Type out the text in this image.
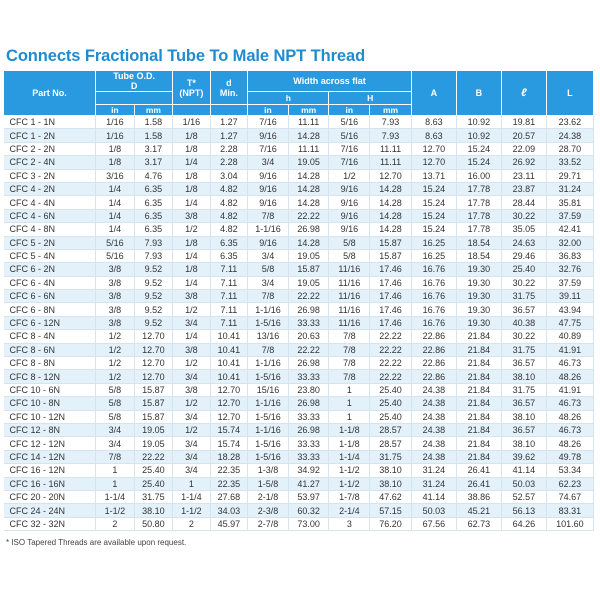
Connects Fractional Tube To Male NPT Thread
Part No.	Tube O.D.
D		T*
(NPT)	d
Min.	Width across flat				A	B	ℓ	L
					h		H					
	in	mm			in	mm	in	mm				
CFC 1 - 1N	1/16	1.58	1/16	1.27	7/16	11.11	5/16	7.93	8.63	10.92	19.81	23.62
CFC 1 - 2N	1/16	1.58	1/8	1.27	9/16	14.28	5/16	7.93	8.63	10.92	20.57	24.38
CFC 2 - 2N	1/8	3.17	1/8	2.28	7/16	11.11	7/16	11.11	12.70	15.24	22.09	28.70
CFC 2 - 4N	1/8	3.17	1/4	2.28	3/4	19.05	7/16	11.11	12.70	15.24	26.92	33.52
CFC 3 - 2N	3/16	4.76	1/8	3.04	9/16	14.28	1/2	12.70	13.71	16.00	23.11	29.71
CFC 4 - 2N	1/4	6.35	1/8	4.82	9/16	14.28	9/16	14.28	15.24	17.78	23.87	31.24
CFC 4 - 4N	1/4	6.35	1/4	4.82	9/16	14.28	9/16	14.28	15.24	17.78	28.44	35.81
CFC 4 - 6N	1/4	6.35	3/8	4.82	7/8	22.22	9/16	14.28	15.24	17.78	30.22	37.59
CFC 4 - 8N	1/4	6.35	1/2	4.82	1-1/16	26.98	9/16	14.28	15.24	17.78	35.05	42.41
CFC 5 - 2N	5/16	7.93	1/8	6.35	9/16	14.28	5/8	15.87	16.25	18.54	24.63	32.00
CFC 5 - 4N	5/16	7.93	1/4	6.35	3/4	19.05	5/8	15.87	16.25	18.54	29.46	36.83
CFC 6 - 2N	3/8	9.52	1/8	7.11	5/8	15.87	11/16	17.46	16.76	19.30	25.40	32.76
CFC 6 - 4N	3/8	9.52	1/4	7.11	3/4	19.05	11/16	17.46	16.76	19.30	30.22	37.59
CFC 6 - 6N	3/8	9.52	3/8	7.11	7/8	22.22	11/16	17.46	16.76	19.30	31.75	39.11
CFC 6 - 8N	3/8	9.52	1/2	7.11	1-1/16	26.98	11/16	17.46	16.76	19.30	36.57	43.94
CFC 6 - 12N	3/8	9.52	3/4	7.11	1-5/16	33.33	11/16	17.46	16.76	19.30	40.38	47.75
CFC 8 - 4N	1/2	12.70	1/4	10.41	13/16	20.63	7/8	22.22	22.86	21.84	30.22	40.89
CFC 8 - 6N	1/2	12.70	3/8	10.41	7/8	22.22	7/8	22.22	22.86	21.84	31.75	41.91
CFC 8 - 8N	1/2	12.70	1/2	10.41	1-1/16	26.98	7/8	22.22	22.86	21.84	36.57	46.73
CFC 8 - 12N	1/2	12.70	3/4	10.41	1-5/16	33.33	7/8	22.22	22.86	21.84	38.10	48.26
CFC 10 - 6N	5/8	15.87	3/8	12.70	15/16	23.80	1	25.40	24.38	21.84	31.75	41.91
CFC 10 - 8N	5/8	15.87	1/2	12.70	1-1/16	26.98	1	25.40	24.38	21.84	36.57	46.73
CFC 10 - 12N	5/8	15.87	3/4	12.70	1-5/16	33.33	1	25.40	24.38	21.84	38.10	48.26
CFC 12 - 8N	3/4	19.05	1/2	15.74	1-1/16	26.98	1-1/8	28.57	24.38	21.84	36.57	46.73
CFC 12 - 12N	3/4	19.05	3/4	15.74	1-5/16	33.33	1-1/8	28.57	24.38	21.84	38.10	48.26
CFC 14 - 12N	7/8	22.22	3/4	18.28	1-5/16	33.33	1-1/4	31.75	24.38	21.84	39.62	49.78
CFC 16 - 12N	1	25.40	3/4	22.35	1-3/8	34.92	1-1/2	38.10	31.24	26.41	41.14	53.34
CFC 16 - 16N	1	25.40	1	22.35	1-5/8	41.27	1-1/2	38.10	31.24	26.41	50.03	62.23
CFC 20 - 20N	1-1/4	31.75	1-1/4	27.68	2-1/8	53.97	1-7/8	47.62	41.14	38.86	52.57	74.67
CFC 24 - 24N	1-1/2	38.10	1-1/2	34.03	2-3/8	60.32	2-1/4	57.15	50.03	45.21	56.13	83.31
CFC 32 - 32N	2	50.80	2	45.97	2-7/8	73.00	3	76.20	67.56	62.73	64.26	101.60
* ISO Tapered Threads are available upon request.
